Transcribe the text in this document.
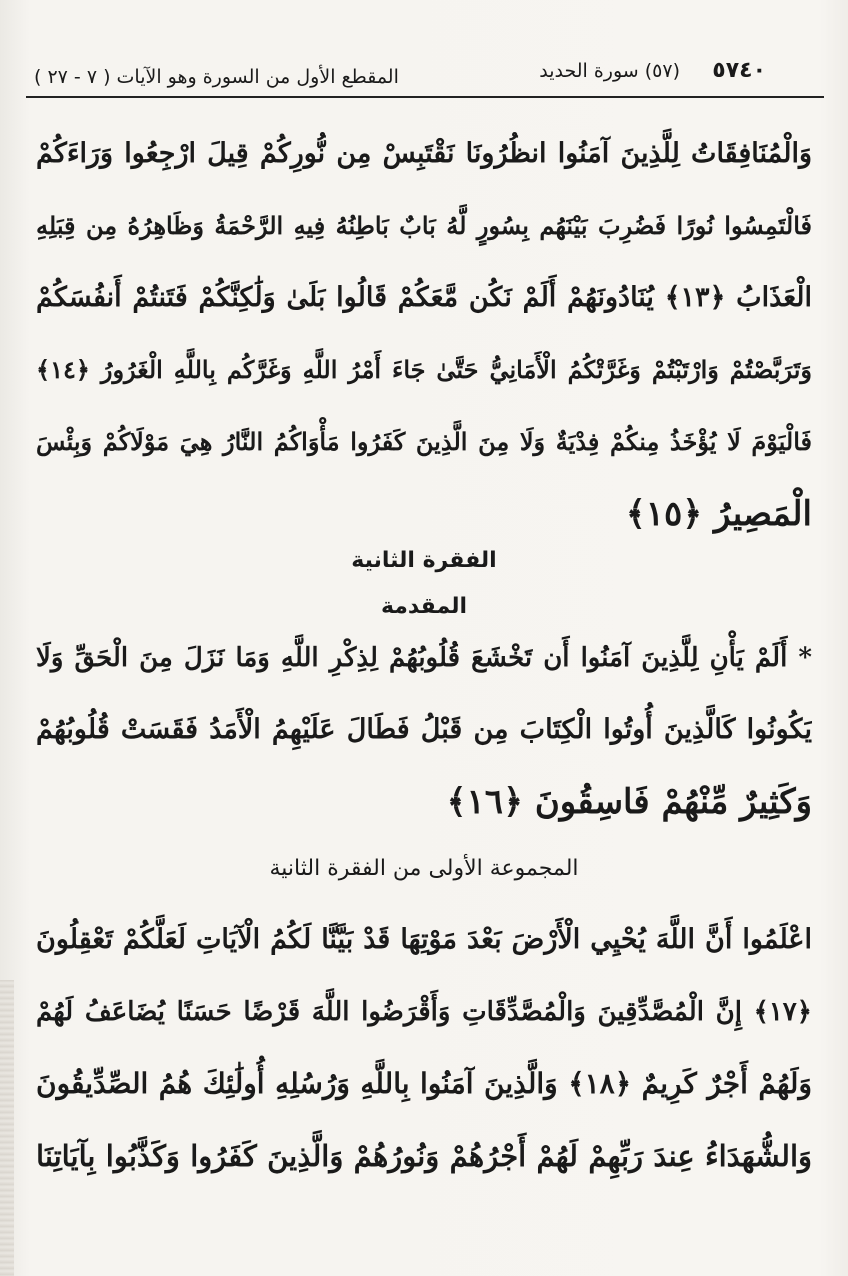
٥٧٤٠
(٥٧) سورة الحديد
المقطع الأول من السورة وهو الآيات ( ٧ - ٢٧ )
وَالْمُنَافِقَاتُ لِلَّذِينَ آمَنُوا انظُرُونَا نَقْتَبِسْ مِن نُّورِكُمْ قِيلَ ارْجِعُوا وَرَاءَكُمْ
فَالْتَمِسُوا نُورًا فَضُرِبَ بَيْنَهُم بِسُورٍ لَّهُ بَابٌ بَاطِنُهُ فِيهِ الرَّحْمَةُ وَظَاهِرُهُ مِن قِبَلِهِ
الْعَذَابُ ﴿١٣﴾ يُنَادُونَهُمْ أَلَمْ نَكُن مَّعَكُمْ قَالُوا بَلَىٰ وَلَٰكِنَّكُمْ فَتَنتُمْ أَنفُسَكُمْ
وَتَرَبَّصْتُمْ وَارْتَبْتُمْ وَغَرَّتْكُمُ الْأَمَانِيُّ حَتَّىٰ جَاءَ أَمْرُ اللَّهِ وَغَرَّكُم بِاللَّهِ الْغَرُورُ ﴿١٤﴾
فَالْيَوْمَ لَا يُؤْخَذُ مِنكُمْ فِدْيَةٌ وَلَا مِنَ الَّذِينَ كَفَرُوا مَأْوَاكُمُ النَّارُ هِيَ مَوْلَاكُمْ وَبِئْسَ
الْمَصِيرُ ﴿١٥﴾
الفقرة الثانية
المقدمة
* أَلَمْ يَأْنِ لِلَّذِينَ آمَنُوا أَن تَخْشَعَ قُلُوبُهُمْ لِذِكْرِ اللَّهِ وَمَا نَزَلَ مِنَ الْحَقِّ وَلَا
يَكُونُوا كَالَّذِينَ أُوتُوا الْكِتَابَ مِن قَبْلُ فَطَالَ عَلَيْهِمُ الْأَمَدُ فَقَسَتْ قُلُوبُهُمْ
وَكَثِيرٌ مِّنْهُمْ فَاسِقُونَ ﴿١٦﴾
المجموعة الأولى من الفقرة الثانية
اعْلَمُوا أَنَّ اللَّهَ يُحْيِي الْأَرْضَ بَعْدَ مَوْتِهَا قَدْ بَيَّنَّا لَكُمُ الْآيَاتِ لَعَلَّكُمْ تَعْقِلُونَ
﴿١٧﴾ إِنَّ الْمُصَّدِّقِينَ وَالْمُصَّدِّقَاتِ وَأَقْرَضُوا اللَّهَ قَرْضًا حَسَنًا يُضَاعَفُ لَهُمْ
وَلَهُمْ أَجْرٌ كَرِيمٌ ﴿١٨﴾ وَالَّذِينَ آمَنُوا بِاللَّهِ وَرُسُلِهِ أُولَٰئِكَ هُمُ الصِّدِّيقُونَ
وَالشُّهَدَاءُ عِندَ رَبِّهِمْ لَهُمْ أَجْرُهُمْ وَنُورُهُمْ وَالَّذِينَ كَفَرُوا وَكَذَّبُوا بِآيَاتِنَا
